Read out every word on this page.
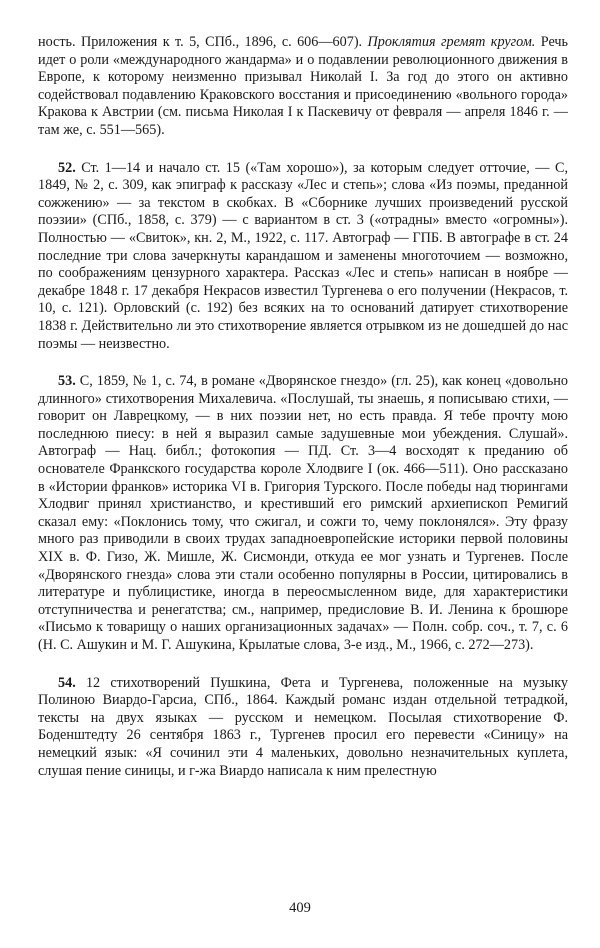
ность. Приложения к т. 5, СПб., 1896, с. 606—607). Проклятия гремят кругом. Речь идет о роли «международного жандарма» и о подавлении революционного движения в Европе, к которому неизменно призывал Николай I. За год до этого он активно содействовал подавлению Краковского восстания и присоединению «вольного города» Кракова к Австрии (см. письма Николая I к Паскевичу от февраля — апреля 1846 г. — там же, с. 551—565).

52. Ст. 1—14 и начало ст. 15 («Там хорошо»), за которым следует отточие, — С, 1849, № 2, с. 309, как эпиграф к рассказу «Лес и степь»; слова «Из поэмы, преданной сожжению» — за текстом в скобках. В «Сборнике лучших произведений русской поэзии» (СПб., 1858, с. 379) — с вариантом в ст. 3 («отрадны» вместо «огромны»). Полностью — «Свиток», кн. 2, М., 1922, с. 117. Автограф — ГПБ. В автографе в ст. 24 последние три слова зачеркнуты карандашом и заменены многоточием — возможно, по соображениям цензурного характера. Рассказ «Лес и степь» написан в ноябре — декабре 1848 г. 17 декабря Некрасов известил Тургенева о его получении (Некрасов, т. 10, с. 121). Орловский (с. 192) без всяких на то оснований датирует стихотворение 1838 г. Действительно ли это стихотворение является отрывком из не дошедшей до нас поэмы — неизвестно.

53. С, 1859, № 1, с. 74, в романе «Дворянское гнездо» (гл. 25), как конец «довольно длинного» стихотворения Михалевича. «Послушай, ты знаешь, я пописываю стихи, — говорит он Лаврецкому, — в них поэзии нет, но есть правда. Я тебе прочту мою последнюю пиесу: в ней я выразил самые задушевные мои убеждения. Слушай». Автограф — Нац. библ.; фотокопия — ПД. Ст. 3—4 восходят к преданию об основателе Франкского государства короле Хлодвиге I (ок. 466—511). Оно рассказано в «Истории франков» историка VI в. Григория Турского. После победы над тюрингами Хлодвиг принял христианство, и крестивший его римский архиепископ Ремигий сказал ему: «Поклонись тому, что сжигал, и сожги то, чему поклонялся». Эту фразу много раз приводили в своих трудах западноевропейские историки первой половины XIX в. Ф. Гизо, Ж. Мишле, Ж. Сисмонди, откуда ее мог узнать и Тургенев. После «Дворянского гнезда» слова эти стали особенно популярны в России, цитировались в литературе и публицистике, иногда в переосмысленном виде, для характеристики отступничества и ренегатства; см., например, предисловие В. И. Ленина к брошюре «Письмо к товарищу о наших организационных задачах» — Полн. собр. соч., т. 7, с. 6 (Н. С. Ашукин и М. Г. Ашукина, Крылатые слова, 3-е изд., М., 1966, с. 272—273).

54. 12 стихотворений Пушкина, Фета и Тургенева, положенные на музыку Полиною Виардо-Гарсиа, СПб., 1864. Каждый романс издан отдельной тетрадкой, тексты на двух языках — русском и немецком. Посылая стихотворение Ф. Боденштедту 26 сентября 1863 г., Тургенев просил его перевести «Синицу» на немецкий язык: «Я сочинил эти 4 маленьких, довольно незначительных куплета, слушая пение синицы, и г-жа Виардо написала к ним прелестную

409
